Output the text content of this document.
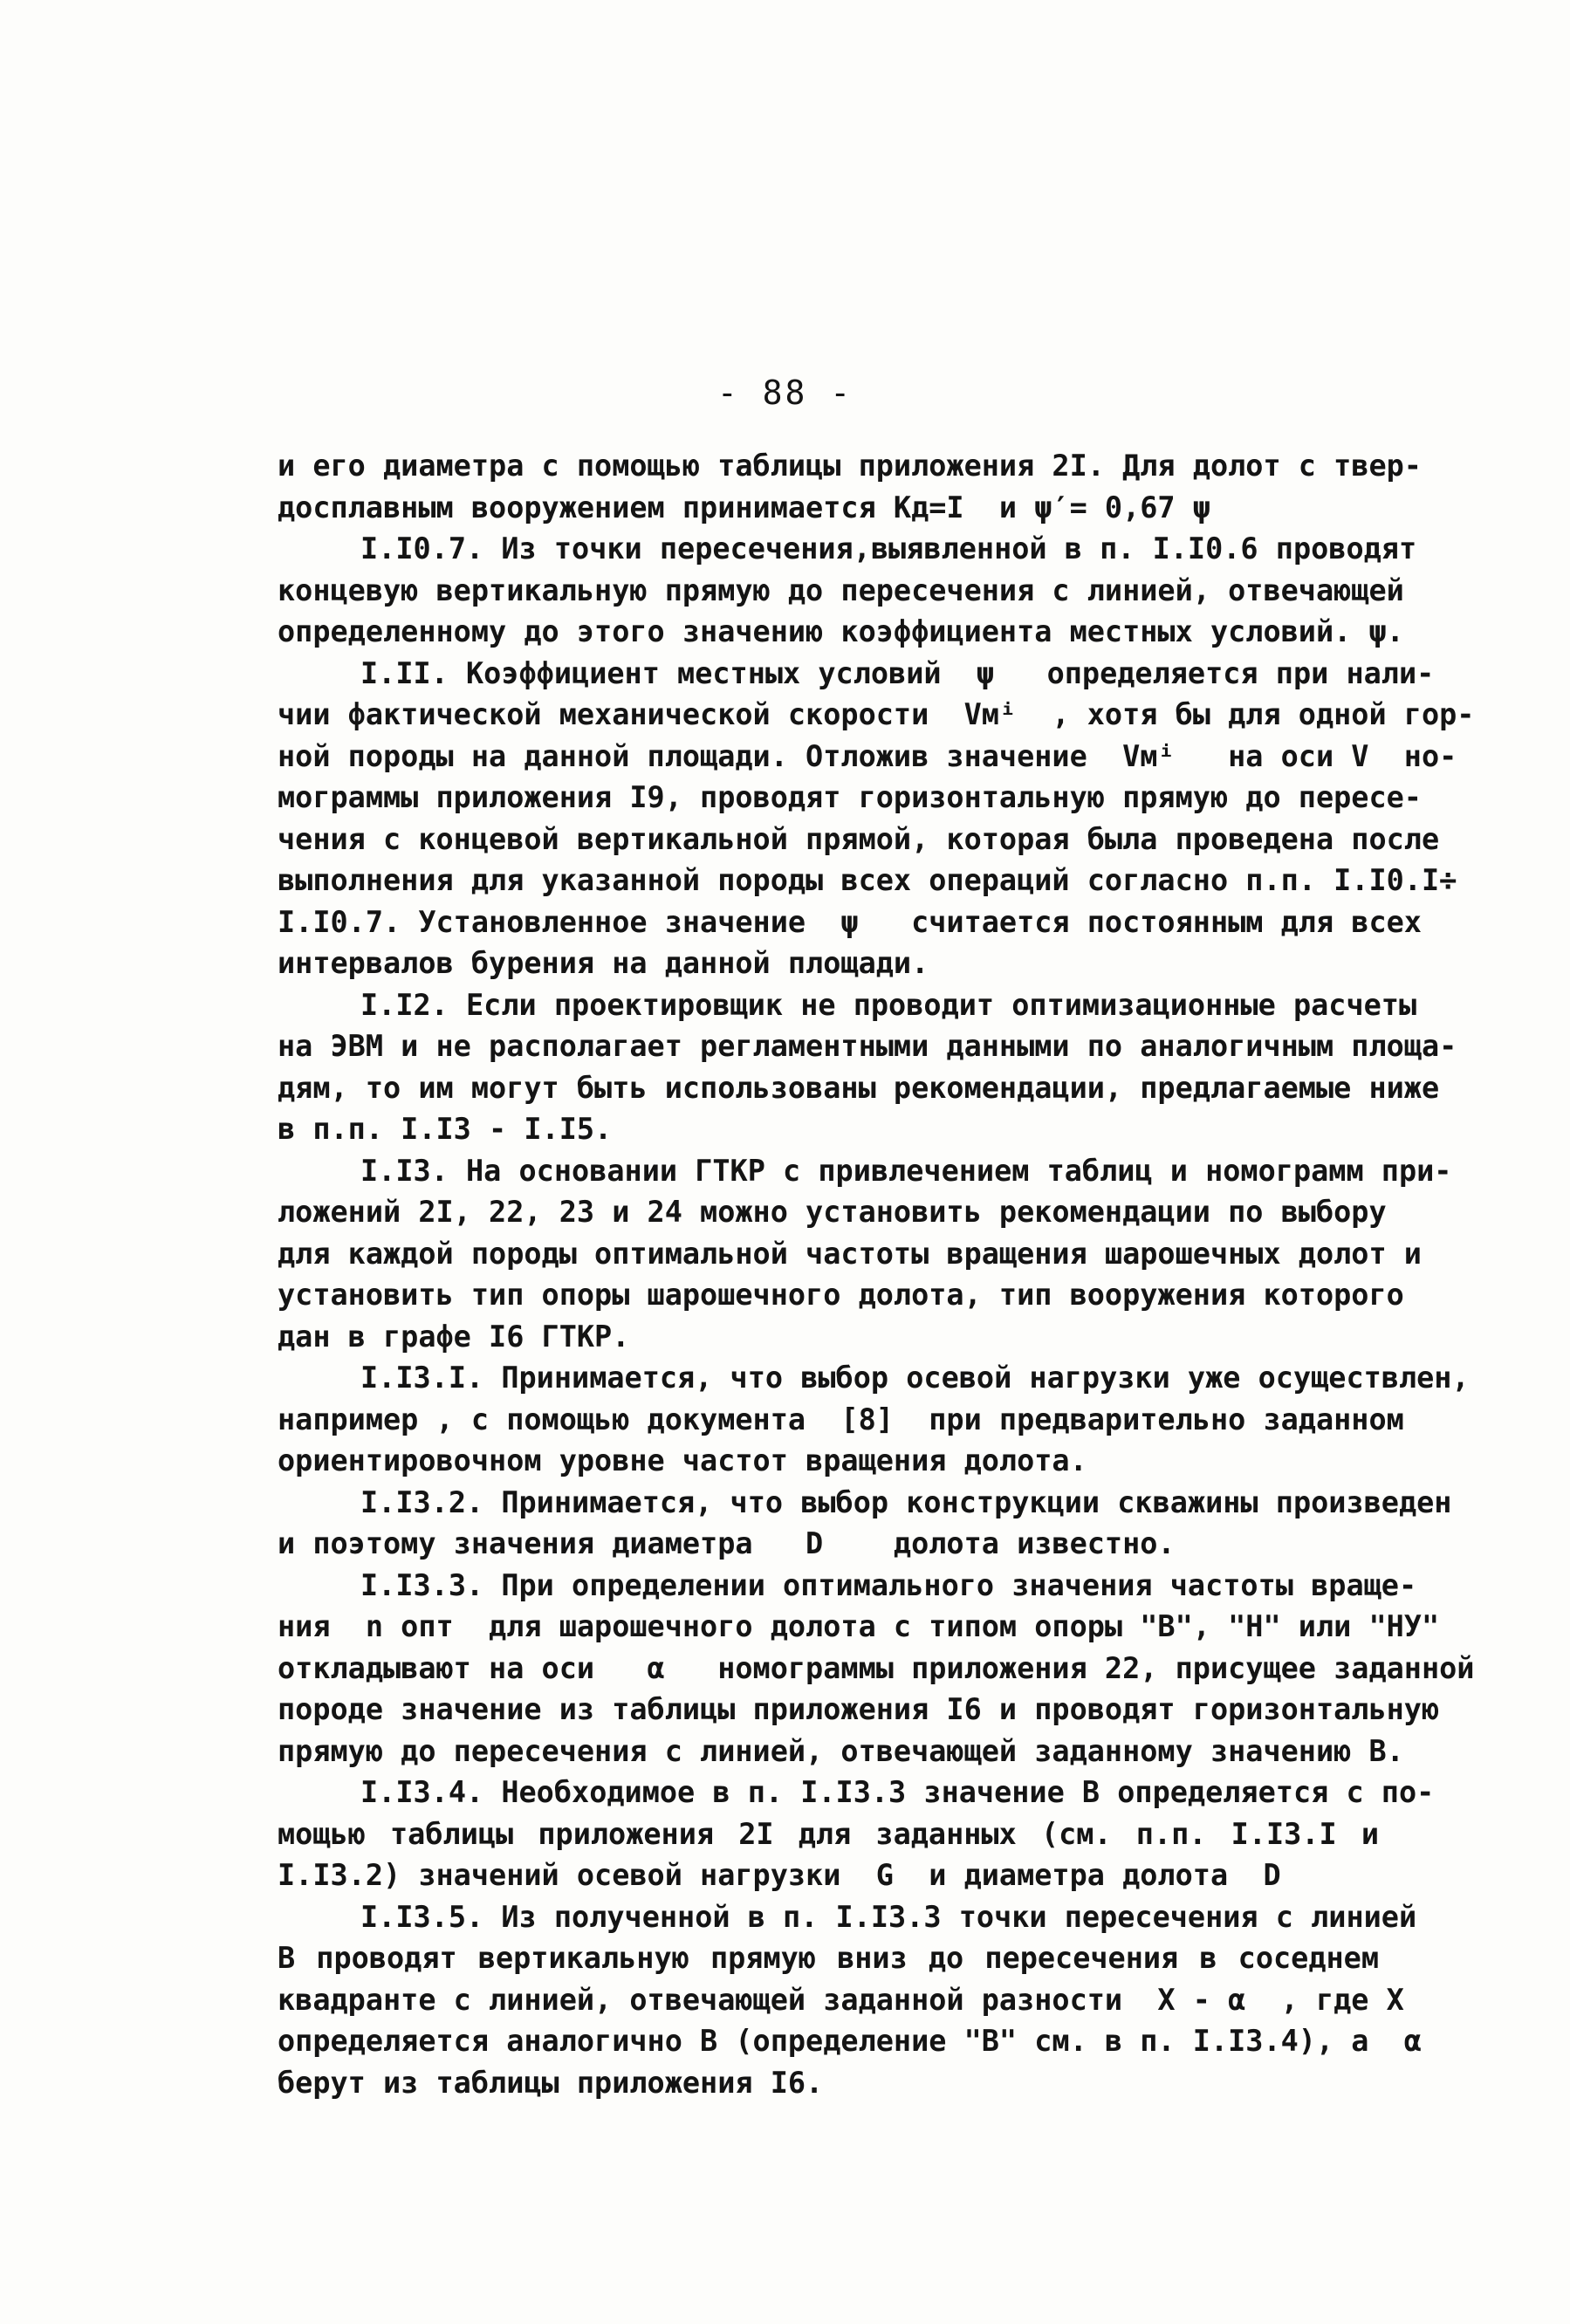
- 88 -
и его диаметра с помощью таблицы приложения 2I. Для долот с твер-
досплавным вооружением принимается Кд=I  и ψ′= 0,67 ψ
I.I0.7. Из точки пересечения,выявленной в п. I.I0.6 проводят
концевую вертикальную прямую до пересечения с линией, отвечающей
определенному до этого значению коэффициента местных условий. ψ.
I.II. Коэффициент местных условий  ψ   определяется при нали-
чии фактической механической скорости  Vмⁱ  , хотя бы для одной гор-
ной породы на данной площади. Отложив значение  Vмⁱ   на оси V  но-
мограммы приложения I9, проводят горизонтальную прямую до пересе-
чения с концевой вертикальной прямой, которая была проведена после
выполнения для указанной породы всех операций согласно п.п. I.I0.I÷
I.I0.7. Установленное значение  ψ   считается постоянным для всех
интервалов бурения на данной площади.
I.I2. Если проектировщик не проводит оптимизационные расчеты
на ЭВМ и не располагает регламентными данными по аналогичным площа-
дям, то им могут быть использованы рекомендации, предлагаемые ниже
в п.п. I.I3 - I.I5.
I.I3. На основании ГТКР с привлечением таблиц и номограмм при-
ложений 2I, 22, 23 и 24 можно установить рекомендации по выбору
для каждой породы оптимальной частоты вращения шарошечных долот и
установить тип опоры шарошечного долота, тип вооружения которого
дан в графе I6 ГТКР.
I.I3.I. Принимается, что выбор осевой нагрузки уже осуществлен,
например , с помощью документа  [8]  при предварительно заданном
ориентировочном уровне частот вращения долота.
I.I3.2. Принимается, что выбор конструкции скважины произведен
и поэтому значения диаметра   D    долота известно.
I.I3.3. При определении оптимального значения частоты враще-
ния  n опт  для шарошечного долота с типом опоры "В", "Н" или "НУ"
откладывают на оси   α   номограммы приложения 22, присущее заданной
породе значение из таблицы приложения I6 и проводят горизонтальную
прямую до пересечения с линией, отвечающей заданному значению В.
I.I3.4. Необходимое в п. I.I3.3 значение В определяется с по-
мощью таблицы приложения 2I для заданных (см. п.п. I.I3.I и
I.I3.2) значений осевой нагрузки  G  и диаметра долота  D
I.I3.5. Из полученной в п. I.I3.3 точки пересечения с линией
В проводят вертикальную прямую вниз до пересечения в соседнем
квадранте с линией, отвечающей заданной разности  X - α  , где X
определяется аналогично В (определение "В" см. в п. I.I3.4), а  α
берут из таблицы приложения I6.
